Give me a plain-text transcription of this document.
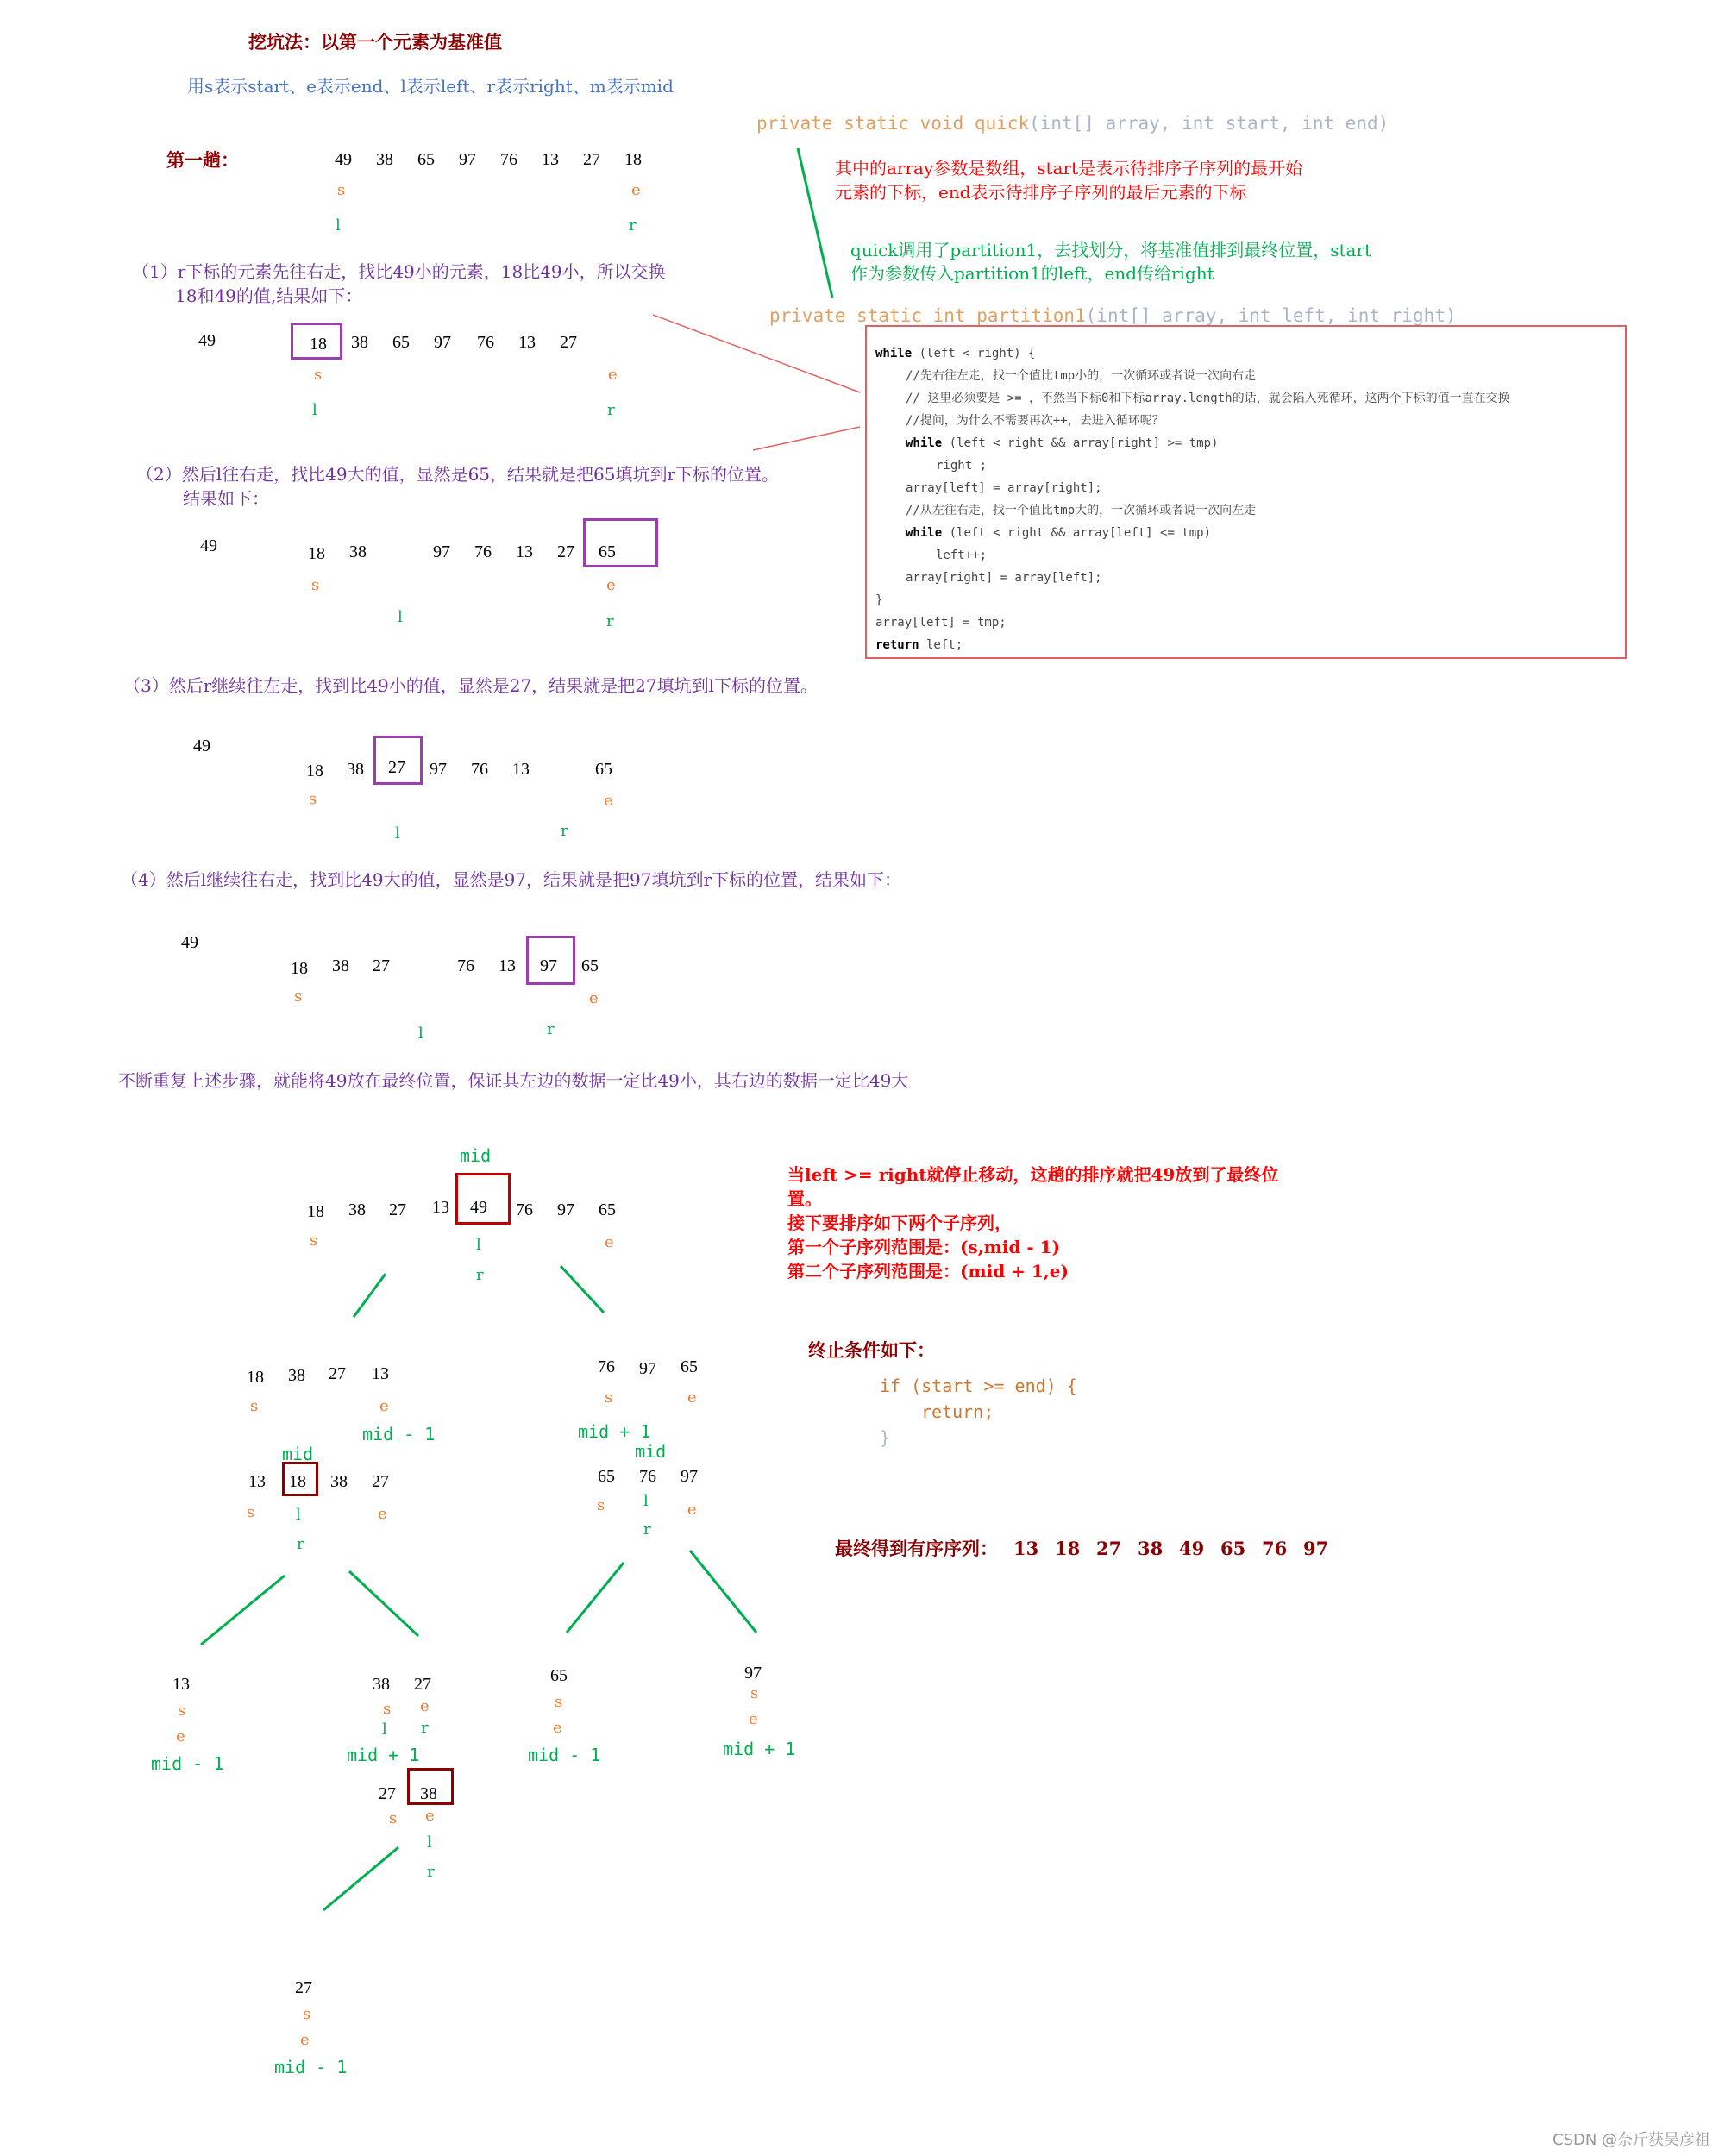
挖坑法：以第一个元素为基准值
用s表示start、e表示end、l表示left、r表示right、m表示mid
private static void quick(int[] array, int start, int end)
其中的array参数是数组，start是表示待排序子序列的最开始
元素的下标，end表示待排序子序列的最后元素的下标
quick调用了partition1，去找划分，将基准值排到最终位置，start
作为参数传入partition1的left，end传给right
private static int partition1(int[] array, int left, int right)
while (left < right) {
//先右往左走，找一个值比tmp小的，一次循环或者说一次向右走
// 这里必须要是 >= ，不然当下标0和下标array.length的话，就会陷入死循环，这两个下标的值一直在交换
//提问，为什么不需要再次++，去进入循环呢？
while (left < right && array[right] >= tmp)
right ;
array[left] = array[right];
//从左往右走，找一个值比tmp大的，一次循环或者说一次向左走
while (left < right && array[left] <= tmp)
left++;
array[right] = array[left];
}
array[left] = tmp;
return left;
第一趟：	49 38 65 97 76 13 27 18
s	e
l	r
（1）r下标的元素先往右走，找比49小的元素，18比49小，所以交换
18和49的值,结果如下：
49	18 38 65 97 76 13 27
s	e
l	r
（2）然后l往右走，找比49大的值，显然是65，结果就是把65填坑到r下标的位置。
结果如下：
49	18 38	97 76 13 27 65
s	e
l	r
（3）然后r继续往左走，找到比49小的值，显然是27，结果就是把27填坑到l下标的位置。
49
18 38 27 97 76 13	65
s	e
l	r
（4）然后l继续往右走，找到比49大的值，显然是97，结果就是把97填坑到r下标的位置，结果如下：
49
18 38 27	76 13 97 65
s	e
l	r
不断重复上述步骤，就能将49放在最终位置，保证其左边的数据一定比49小，其右边的数据一定比49大
mid
18 38 27 13 49 76 97 65
s	e
l
r
当left >= right就停止移动，这趟的排序就把49放到了最终位
置。
接下要排序如下两个子序列，
第一个子序列范围是：(s,mid - 1)
第二个子序列范围是：(mid + 1,e)
终止条件如下：
if (start >= end) {
return;
}
最终得到有序序列： 13 18 27 38 49 65 76 97
18 38 27 13
s	e
mid - 1
mid
13 18 38 27
s	e
l
r
76 97 65
s	e
mid + 1
mid
65 76 97
s	e
l
r
13
s
e
mid - 1
38 27
s e
l r
mid + 1
27 38
s e
l
r
65
s
e
mid - 1
97
s
e
mid + 1
27
s
e
mid - 1
CSDN @奈斤获吴彦祖
